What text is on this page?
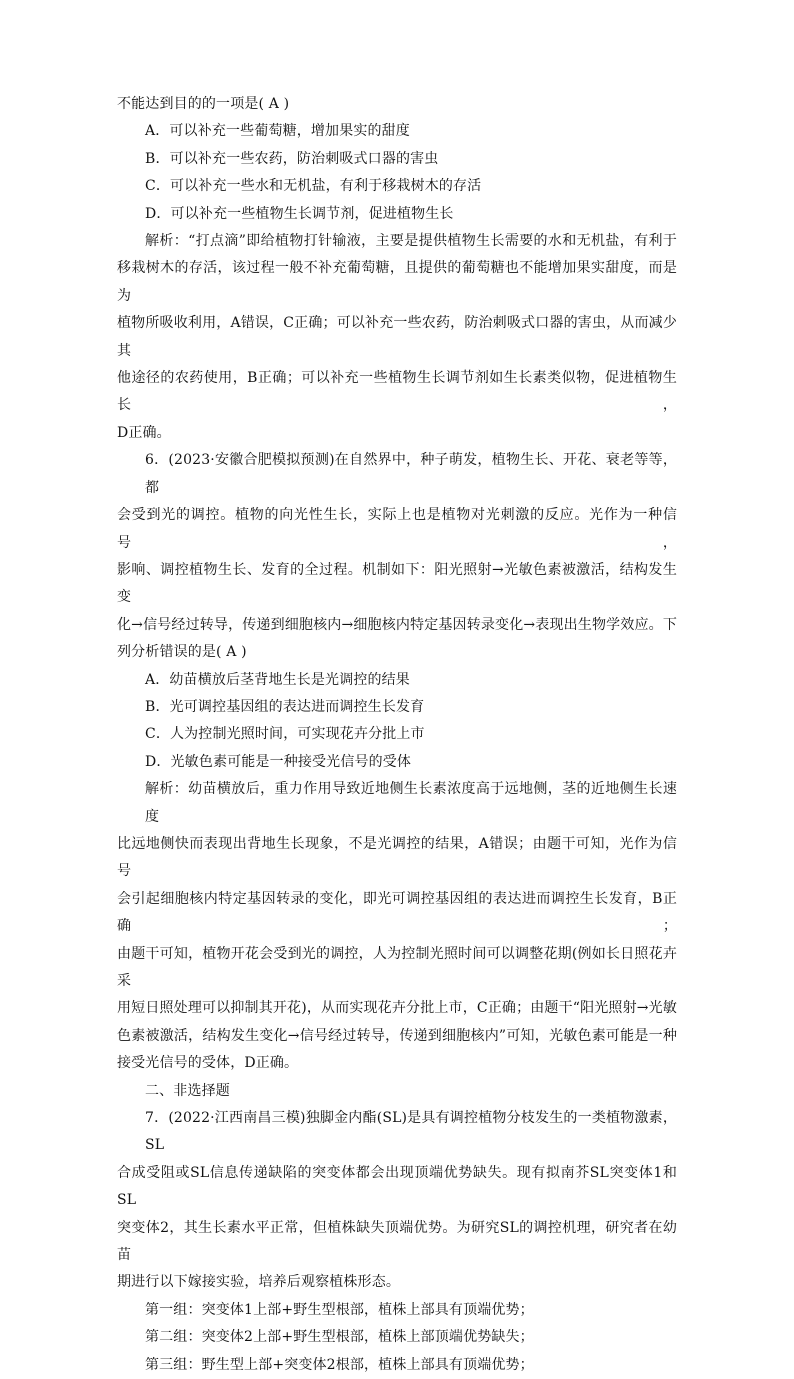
不能达到目的的一项是( A )
A．可以补充一些葡萄糖，增加果实的甜度
B．可以补充一些农药，防治刺吸式口器的害虫
C．可以补充一些水和无机盐，有利于移栽树木的存活
D．可以补充一些植物生长调节剂，促进植物生长
解析：“打点滴”即给植物打针输液，主要是提供植物生长需要的水和无机盐，有利于
移栽树木的存活，该过程一般不补充葡萄糖，且提供的葡萄糖也不能增加果实甜度，而是为
植物所吸收利用，A错误，C正确；可以补充一些农药，防治刺吸式口器的害虫，从而减少其
他途径的农药使用，B正确；可以补充一些植物生长调节剂如生长素类似物，促进植物生长，
D正确。
6．(2023·安徽合肥模拟预测)在自然界中，种子萌发，植物生长、开花、衰老等等，都
会受到光的调控。植物的向光性生长，实际上也是植物对光刺激的反应。光作为一种信号，
影响、调控植物生长、发育的全过程。机制如下：阳光照射→光敏色素被激活，结构发生变
化→信号经过转导，传递到细胞核内→细胞核内特定基因转录变化→表现出生物学效应。下
列分析错误的是( A )
A．幼苗横放后茎背地生长是光调控的结果
B．光可调控基因组的表达进而调控生长发育
C．人为控制光照时间，可实现花卉分批上市
D．光敏色素可能是一种接受光信号的受体
解析：幼苗横放后，重力作用导致近地侧生长素浓度高于远地侧，茎的近地侧生长速度
比远地侧快而表现出背地生长现象，不是光调控的结果，A错误；由题干可知，光作为信号
会引起细胞核内特定基因转录的变化，即光可调控基因组的表达进而调控生长发育，B正确；
由题干可知，植物开花会受到光的调控，人为控制光照时间可以调整花期(例如长日照花卉采
用短日照处理可以抑制其开花)，从而实现花卉分批上市，C正确；由题干“阳光照射→光敏
色素被激活，结构发生变化→信号经过转导，传递到细胞核内”可知，光敏色素可能是一种
接受光信号的受体，D正确。
二、非选择题
7．(2022·江西南昌三模)独脚金内酯(SL)是具有调控植物分枝发生的一类植物激素，SL
合成受阻或SL信息传递缺陷的突变体都会出现顶端优势缺失。现有拟南芥SL突变体1和SL
突变体2，其生长素水平正常，但植株缺失顶端优势。为研究SL的调控机理，研究者在幼苗
期进行以下嫁接实验，培养后观察植株形态。
第一组：突变体1上部+野生型根部，植株上部具有顶端优势；
第二组：突变体2上部+野生型根部，植株上部顶端优势缺失；
第三组：野生型上部+突变体2根部，植株上部具有顶端优势；
